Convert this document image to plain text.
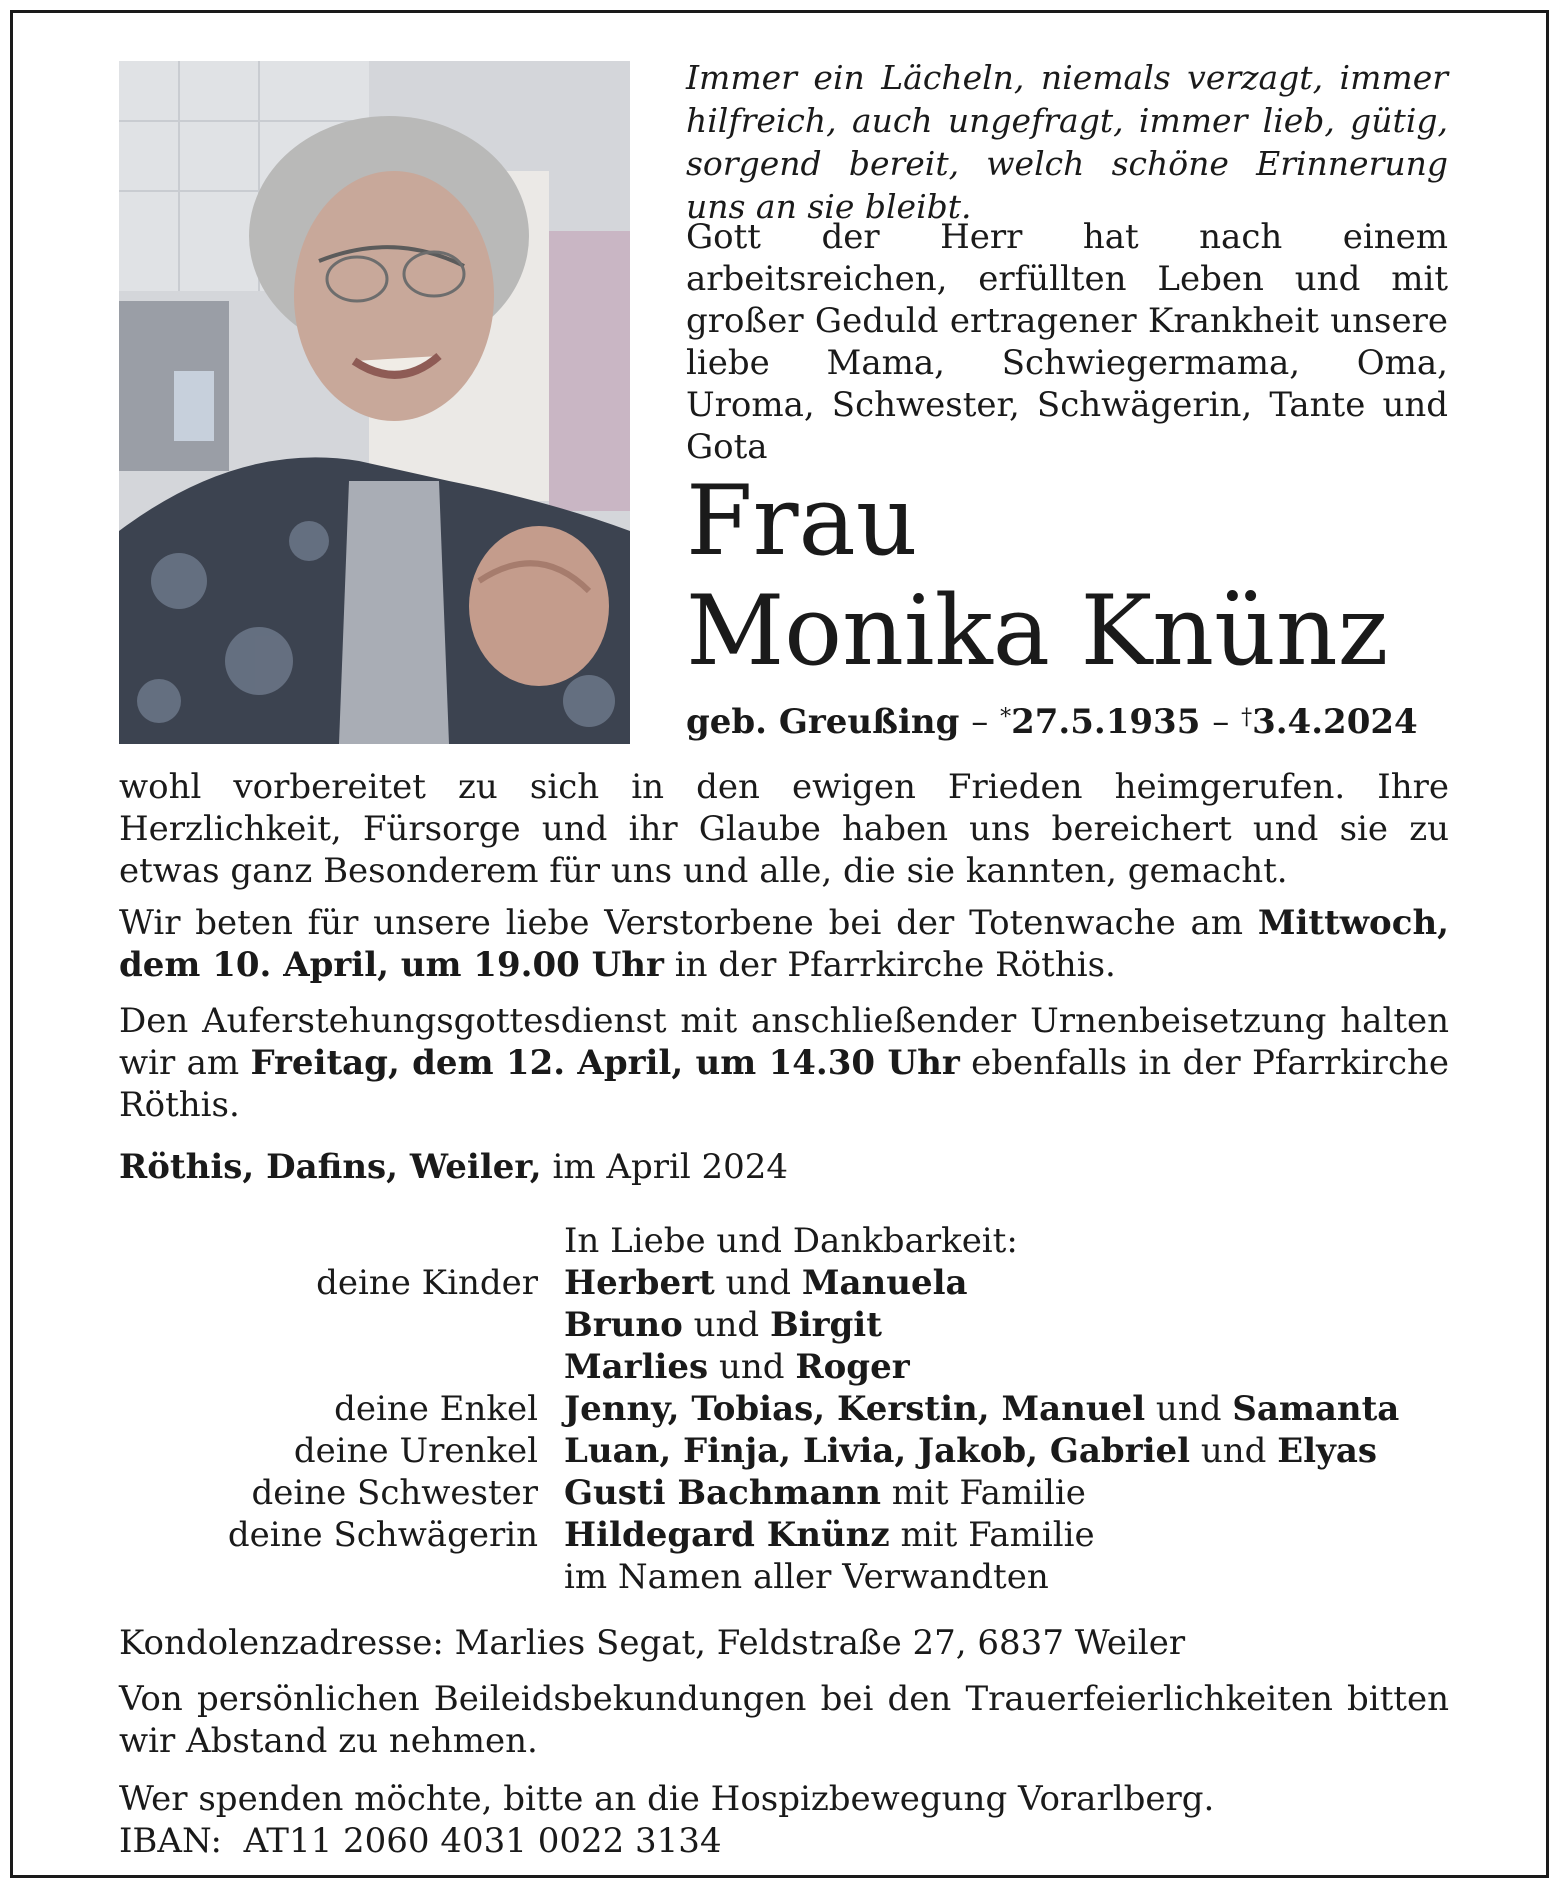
Immer ein Lächeln, niemals verzagt, immer hilfreich, auch ungefragt, immer lieb, gütig, sorgend bereit, welch schöne Erinnerung uns an sie bleibt.
Gott der Herr hat nach einem arbeitsreichen, erfüllten Leben und mit großer Geduld ertragener Krankheit unsere liebe Mama, Schwiegermama, Oma, Uroma, Schwester, Schwägerin, Tante und Gota
Frau
Monika Knünz
geb. Greußing – *27.5.1935 – †3.4.2024
wohl vorbereitet zu sich in den ewigen Frieden heimgerufen. Ihre Herzlichkeit, Fürsorge und ihr Glaube haben uns bereichert und sie zu etwas ganz Besonderem für uns und alle, die sie kannten, gemacht.
Wir beten für unsere liebe Verstorbene bei der Totenwache am Mittwoch, dem 10. April, um 19.00 Uhr in der Pfarrkirche Röthis.
Den Auferstehungsgottesdienst mit anschließender Urnenbeisetzung halten wir am Freitag, dem 12. April, um 14.30 Uhr ebenfalls in der Pfarrkirche Röthis.
Röthis, Dafins, Weiler, im April 2024
In Liebe und Dankbarkeit:
deine Kinder Herbert und Manuela
Bruno und Birgit
Marlies und Roger
deine Enkel Jenny, Tobias, Kerstin, Manuel und Samanta
deine Urenkel Luan, Finja, Livia, Jakob, Gabriel und Elyas
deine Schwester Gusti Bachmann mit Familie
deine Schwägerin Hildegard Knünz mit Familie
im Namen aller Verwandten
Kondolenzadresse: Marlies Segat, Feldstraße 27, 6837 Weiler
Von persönlichen Beileidsbekundungen bei den Trauerfeierlichkeiten bitten wir Abstand zu nehmen.
Wer spenden möchte, bitte an die Hospizbewegung Vorarlberg.
IBAN: AT11 2060 4031 0022 3134
